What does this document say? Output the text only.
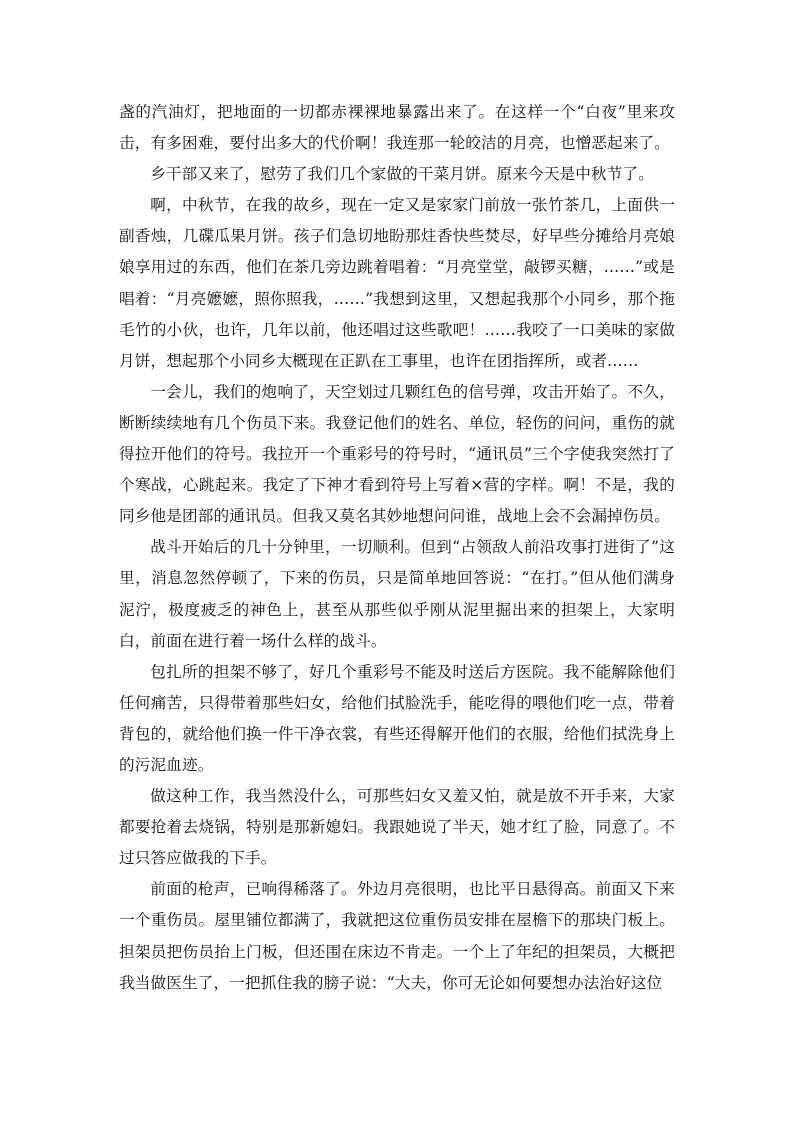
盏的汽油灯，把地面的一切都赤裸裸地暴露出来了。在这样一个“白夜”里来攻击，有多困难，要付出多大的代价啊！我连那一轮皎洁的月亮，也憎恶起来了。

乡干部又来了，慰劳了我们几个家做的干菜月饼。原来今天是中秋节了。

啊，中秋节，在我的故乡，现在一定又是家家门前放一张竹茶几，上面供一副香烛，几碟瓜果月饼。孩子们急切地盼那炷香快些焚尽，好早些分摊给月亮娘娘享用过的东西，他们在茶几旁边跳着唱着：“月亮堂堂，敲锣买糖，……”或是唱着：“月亮嬷嬷，照你照我，……”我想到这里，又想起我那个小同乡，那个拖毛竹的小伙，也许，几年以前，他还唱过这些歌吧！……我咬了一口美味的家做月饼，想起那个小同乡大概现在正趴在工事里，也许在团指挥所，或者……

一会儿，我们的炮响了，天空划过几颗红色的信号弹，攻击开始了。不久，断断续续地有几个伤员下来。我登记他们的姓名、单位，轻伤的问问，重伤的就得拉开他们的符号。我拉开一个重彩号的符号时，“通讯员”三个字使我突然打了个寒战，心跳起来。我定了下神才看到符号上写着×营的字样。啊！不是，我的同乡他是团部的通讯员。但我又莫名其妙地想问问谁，战地上会不会漏掉伤员。

战斗开始后的几十分钟里，一切顺利。但到“占领敌人前沿攻事打进街了”这里，消息忽然停顿了，下来的伤员，只是简单地回答说：“在打。”但从他们满身泥泞，极度疲乏的神色上，甚至从那些似乎刚从泥里掘出来的担架上，大家明白，前面在进行着一场什么样的战斗。

包扎所的担架不够了，好几个重彩号不能及时送后方医院。我不能解除他们任何痛苦，只得带着那些妇女，给他们拭脸洗手，能吃得的喂他们吃一点，带着背包的，就给他们换一件干净衣裳，有些还得解开他们的衣服，给他们拭洗身上的污泥血迹。

做这种工作，我当然没什么，可那些妇女又羞又怕，就是放不开手来，大家都要抢着去烧锅，特别是那新媳妇。我跟她说了半天，她才红了脸，同意了。不过只答应做我的下手。

前面的枪声，已响得稀落了。外边月亮很明，也比平日悬得高。前面又下来一个重伤员。屋里铺位都满了，我就把这位重伤员安排在屋檐下的那块门板上。担架员把伤员抬上门板，但还围在床边不肯走。一个上了年纪的担架员，大概把我当做医生了，一把抓住我的膀子说：“大夫，你可无论如何要想办法治好这位
